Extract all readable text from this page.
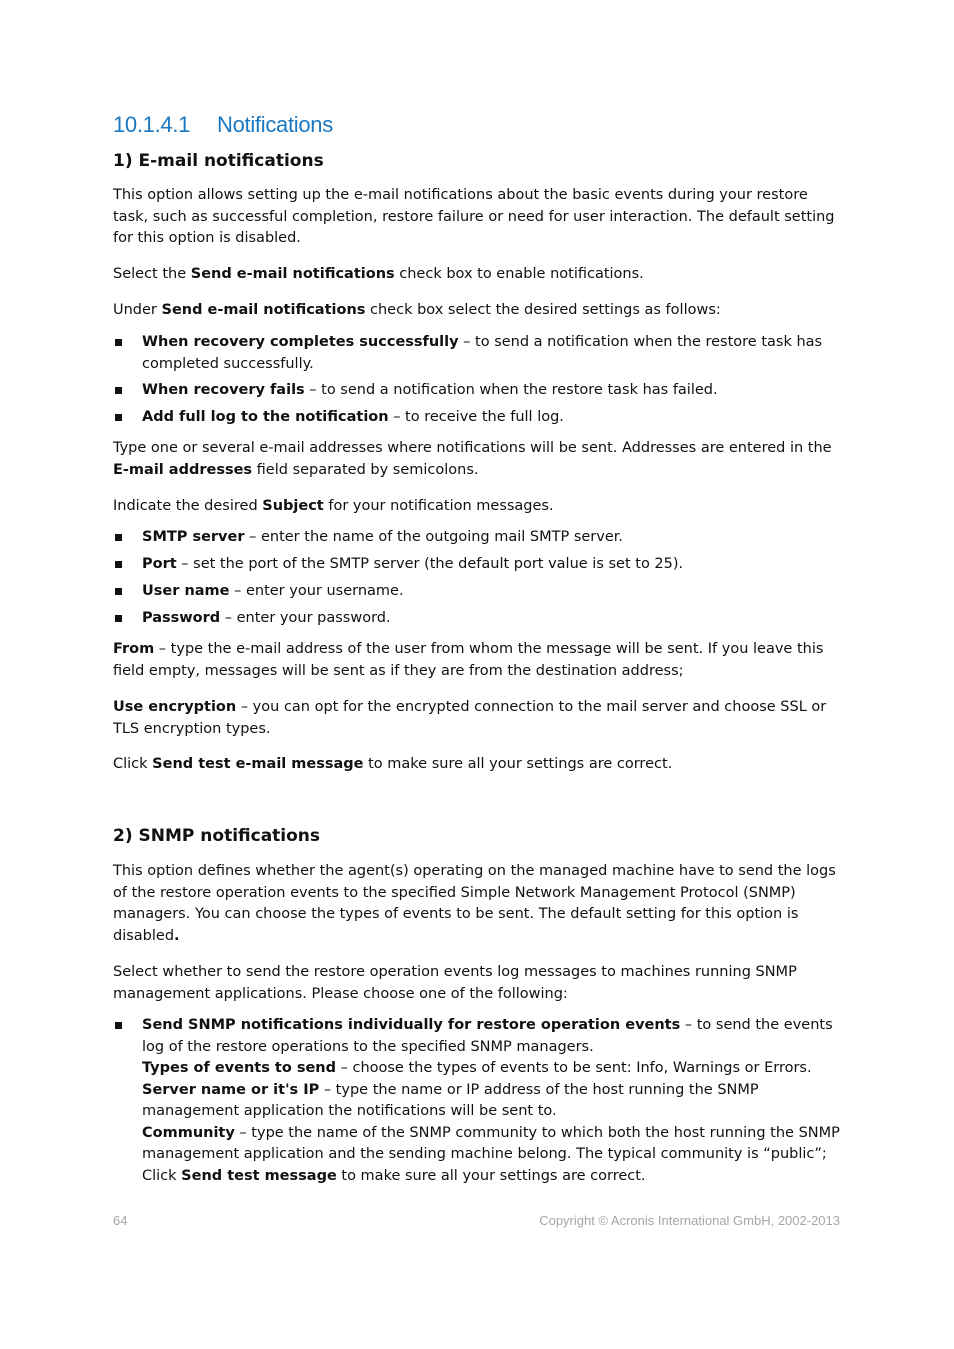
10.1.4.1 Notifications
1) E-mail notifications

This option allows setting up the e-mail notifications about the basic events during your restore task, such as successful completion, restore failure or need for user interaction. The default setting for this option is disabled.

Select the Send e-mail notifications check box to enable notifications.

Under Send e-mail notifications check box select the desired settings as follows:

When recovery completes successfully – to send a notification when the restore task has completed successfully.
When recovery fails – to send a notification when the restore task has failed.
Add full log to the notification – to receive the full log.

Type one or several e-mail addresses where notifications will be sent. Addresses are entered in the E-mail addresses field separated by semicolons.

Indicate the desired Subject for your notification messages.

SMTP server – enter the name of the outgoing mail SMTP server.
Port – set the port of the SMTP server (the default port value is set to 25).
User name – enter your username.
Password – enter your password.

From – type the e-mail address of the user from whom the message will be sent. If you leave this field empty, messages will be sent as if they are from the destination address;

Use encryption – you can opt for the encrypted connection to the mail server and choose SSL or TLS encryption types.

Click Send test e-mail message to make sure all your settings are correct.

2) SNMP notifications

This option defines whether the agent(s) operating on the managed machine have to send the logs of the restore operation events to the specified Simple Network Management Protocol (SNMP) managers. You can choose the types of events to be sent. The default setting for this option is disabled.

Select whether to send the restore operation events log messages to machines running SNMP management applications. Please choose one of the following:

Send SNMP notifications individually for restore operation events – to send the events log of the restore operations to the specified SNMP managers.
Types of events to send – choose the types of events to be sent: Info, Warnings or Errors.
Server name or it's IP – type the name or IP address of the host running the SNMP management application the notifications will be sent to.
Community – type the name of the SNMP community to which both the host running the SNMP management application and the sending machine belong. The typical community is “public”;
Click Send test message to make sure all your settings are correct.
64	Copyright © Acronis International GmbH, 2002-2013
